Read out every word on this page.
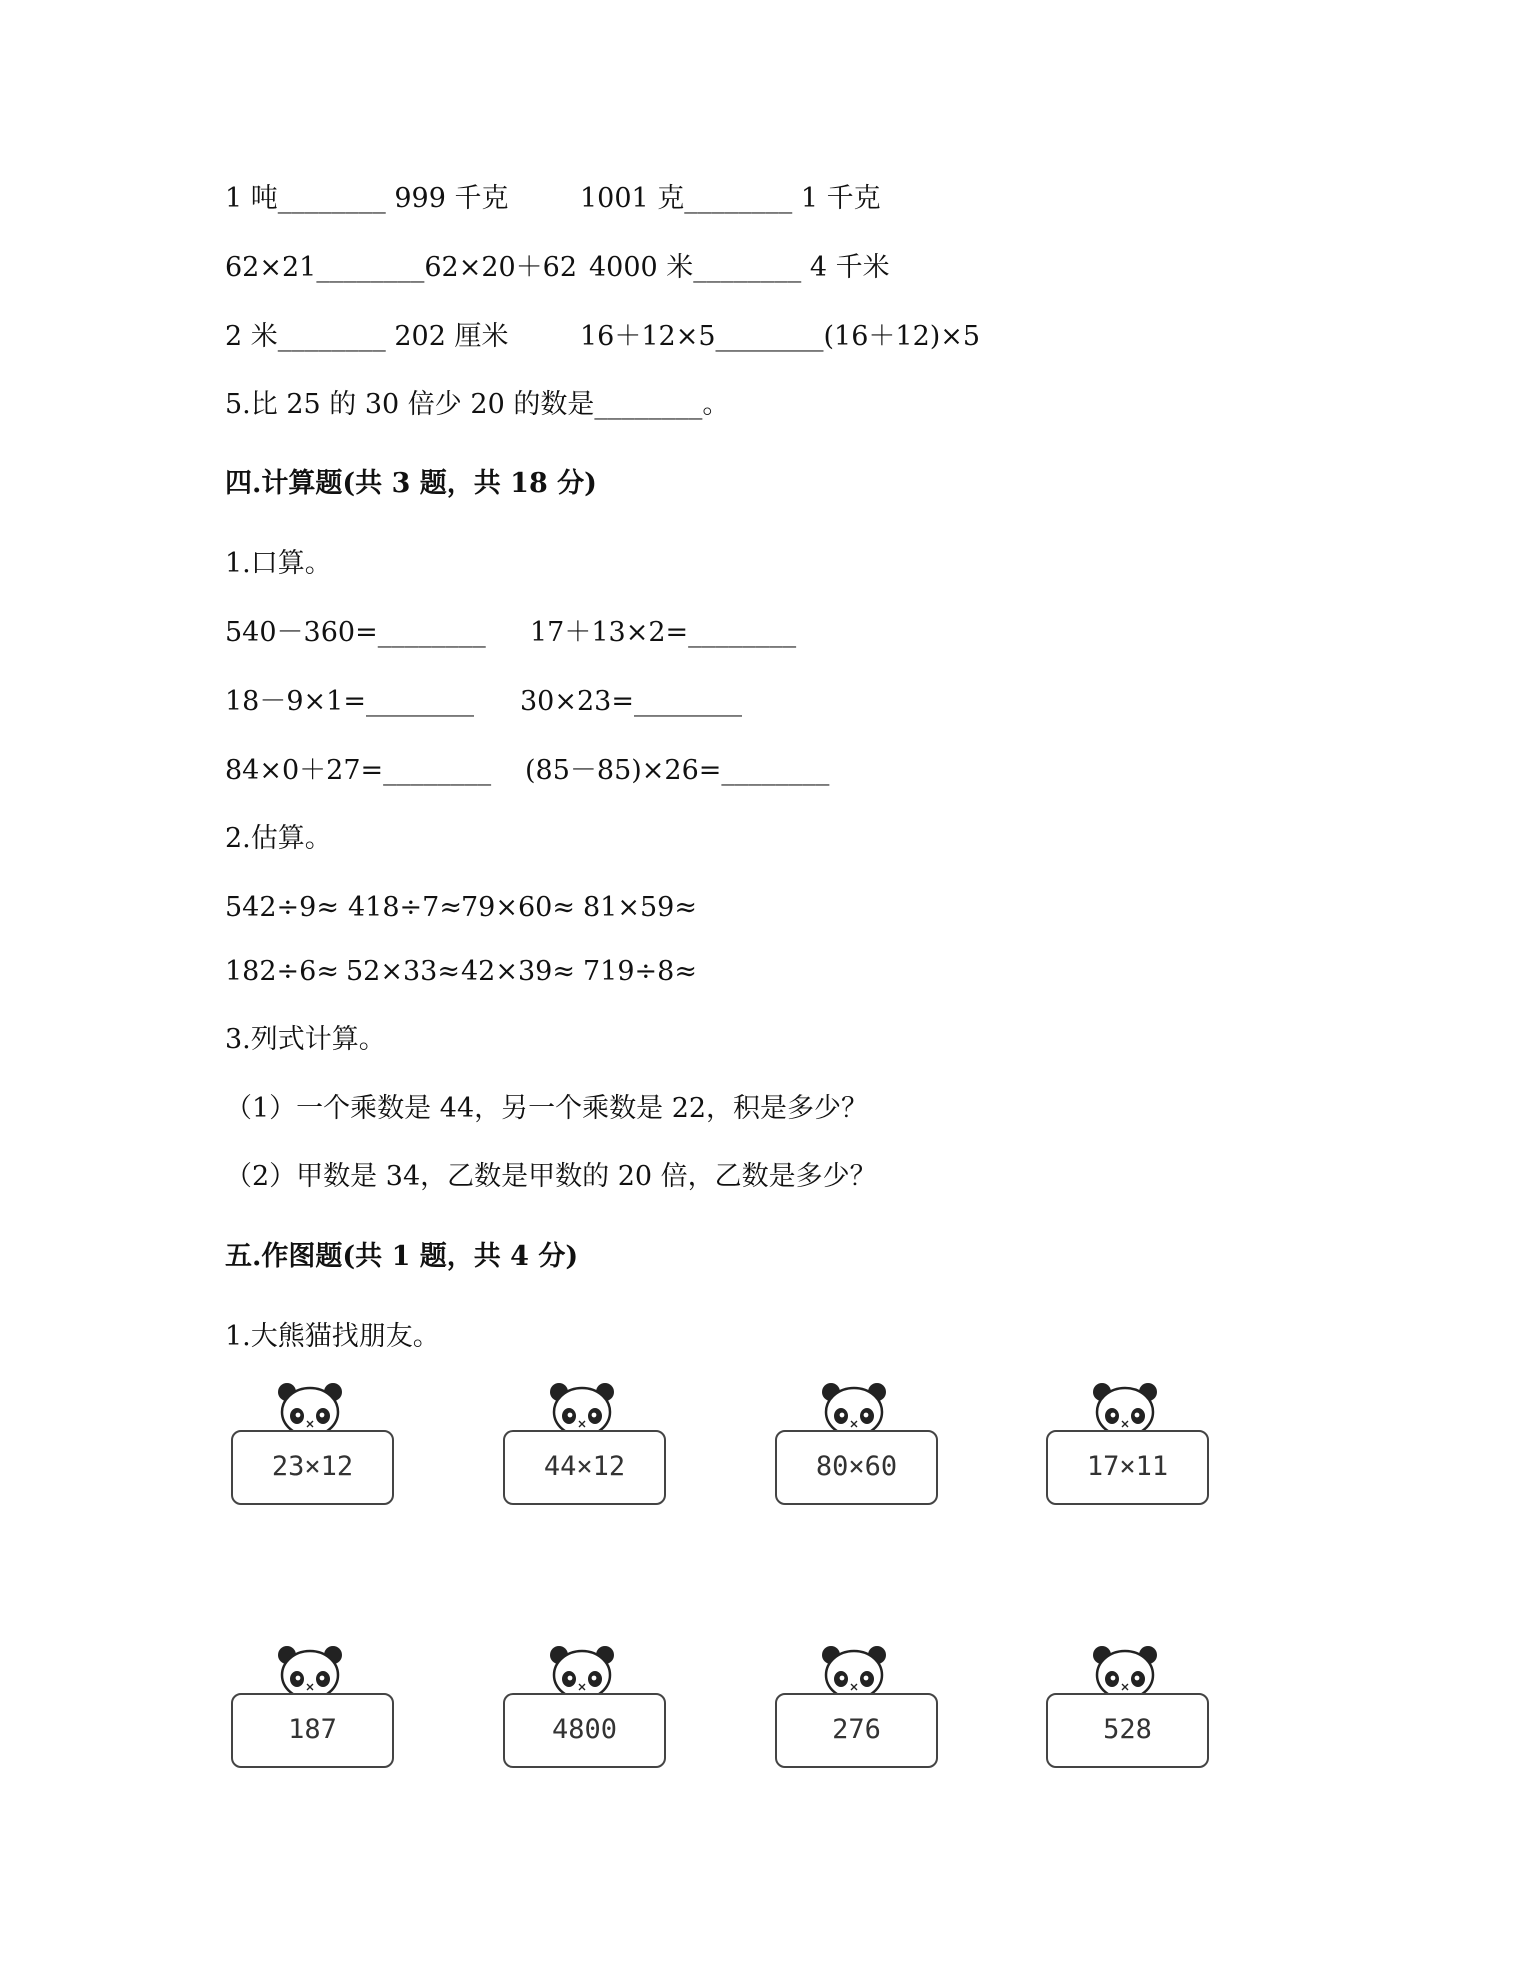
1 吨________ 999 千克

	1001 克________ 1 千克

62×21________62×20＋62

4000 米________ 4 千米

2 米________ 202 厘米

	16＋12×5________(16＋12)×5

5.比 25 的 30 倍少 20 的数是________。
四.计算题(共 3 题，共 18 分)
1.口算。

540－360=________

17＋13×2=________

18－9×1=________

30×23=________

84×0＋27=________

(85－85)×26=________

2.估算。

542÷9≈

418÷7≈

79×60≈

81×59≈

182÷6≈

52×33≈

42×39≈

719÷8≈

3.列式计算。
（1）一个乘数是 44，另一个乘数是 22，积是多少？
（2）甲数是 34，乙数是甲数的 20 倍，乙数是多少？
五.作图题(共 1 题，共 4 分)
1.大熊猫找朋友。
23×12	44×12	80×60	17×11
187	4800	276	528
